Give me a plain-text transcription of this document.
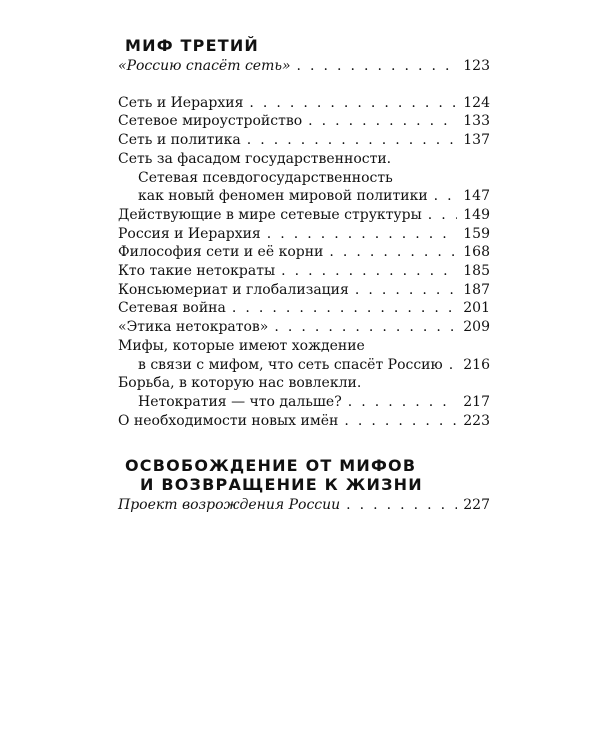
МИФ ТРЕТИЙ
«Россию спасёт сеть» . . .	123
Сеть и Иерархия . . .	124
Сетевое мироустройство . . .	133
Сеть и политика . . .	137
Сеть за фасадом государственности.
Сетевая псевдогосударственность
как новый феномен мировой политики . . .	147
Действующие в мире сетевые структуры . . .	149
Россия и Иерархия . . .	159
Философия сети и её корни . . .	168
Кто такие нетократы . . .	185
Консьюмериат и глобализация . . .	187
Сетевая война . . .	201
«Этика нетократов» . . .	209
Мифы, которые имеют хождение
в связи с мифом, что сеть спасёт Россию . . . 216
Борьба, в которую нас вовлекли.
Нетократия — что дальше? . . .	217
О необходимости новых имён . . .	223
ОСВОБОЖДЕНИЕ ОТ МИФОВ
И ВОЗВРАЩЕНИЕ К ЖИЗНИ
Проект возрождения России . . .	227
